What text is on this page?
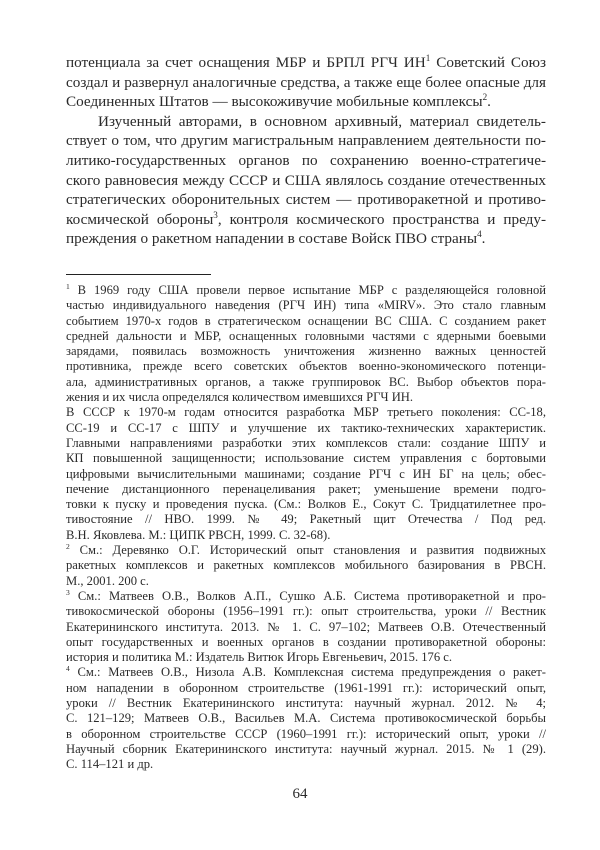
потенциала за счет оснащения МБР и БРПЛ РГЧ $ИН^1$ Советский Союз
создал и развернул аналогичные средства, а также еще более опасные для
Соединенных Штатов — высокоживучие мобильные комплексы$^2$.
Изученный авторами, в основном архивный, материал свидетель-
ствует о том, что другим магистральным направлением деятельности по-
литико-государственных органов по сохранению военно-стратегиче-
ского равновесия между СССР и США являлось создание отечественных
стратегических оборонительных систем — противоракетной и противо-
космической обороны$^3$, контроля космического пространства и преду-
преждения о ракетном нападении в составе Войск ПВО страны$^4$.
$^1$ В 1969 году США провели первое испытание МБР с разделяющейся головной
частью индивидуального наведения (РГЧ ИН) типа «MIRV». Это стало главным
событием 1970-х годов в стратегическом оснащении ВС США. С созданием ракет
средней дальности и МБР, оснащенных головными частями с ядерными боевыми
зарядами, появилась возможность уничтожения жизненно важных ценностей
противника, прежде всего советских объектов военно-экономического потенци-
ала, административных органов, а также группировок ВС. Выбор объектов пора-
жения и их числа определялся количеством имевшихся РГЧ ИН.
В СССР к 1970-м годам относится разработка МБР третьего поколения: СС-18,
СС-19 и СС-17 с ШПУ и улучшение их тактико-технических характеристик.
Главными направлениями разработки этих комплексов стали: создание ШПУ и
КП повышенной защищенности; использование систем управления с бортовыми
цифровыми вычислительными машинами; создание РГЧ с ИН БГ на цель; обес-
печение дистанционного перенацеливания ракет; уменьшение времени подго-
товки к пуску и проведения пуска. (См.: Волков Е., Сокут С. Тридцатилетнее про-
тивостояние // НВО. 1999. № 49; Ракетный щит Отечества / Под ред.
В.Н. Яковлева. М.: ЦИПК РВСН, 1999. С. 32-68).
$^2$ См.: Деревянко О.Г. Исторический опыт становления и развития подвижных
ракетных комплексов и ракетных комплексов мобильного базирования в РВСН.
М., 2001. 200 с.
$^3$ См.: Матвеев О.В., Волков А.П., Сушко А.Б. Система противоракетной и про-
тивокосмической обороны (1956–1991 гг.): опыт строительства, уроки // Вестник
Екатерининского института. 2013. № 1. С. 97–102; Матвеев О.В. Отечественный
опыт государственных и военных органов в создании противоракетной обороны:
история и политика М.: Издатель Витюк Игорь Евгеньевич, 2015. 176 с.
$^4$ См.: Матвеев О.В., Низола А.В. Комплексная система предупреждения о ракет-
ном нападении в оборонном строительстве (1961-1991 гг.): исторический опыт,
уроки // Вестник Екатерининского института: научный журнал. 2012. № 4;
С. 121–129; Матвеев О.В., Васильев М.А. Система противокосмической борьбы
в оборонном строительстве СССР (1960–1991 гг.): исторический опыт, уроки //
Научный сборник Екатерининского института: научный журнал. 2015. № 1 (29).
С. 114–121 и др.
64
